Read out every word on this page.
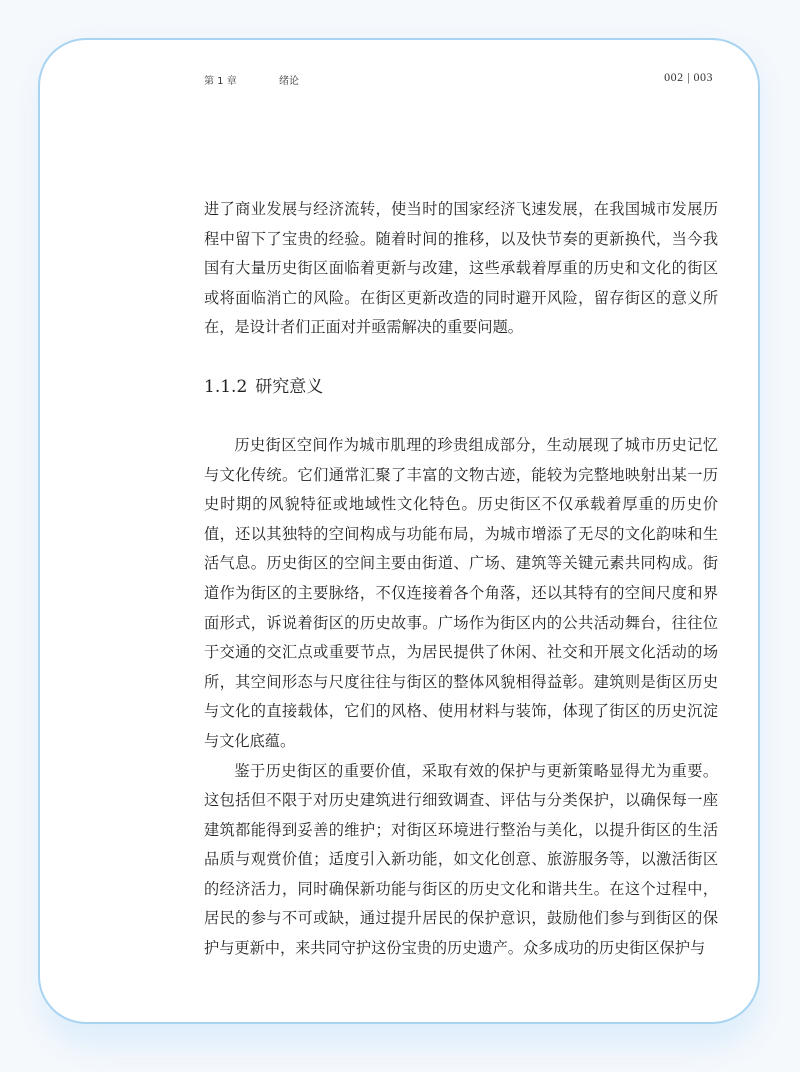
第 1 章	绪论	002 | 003

进了商业发展与经济流转，使当时的国家经济飞速发展，在我国城市发展历程中留下了宝贵的经验。随着时间的推移，以及快节奏的更新换代，当今我国有大量历史街区面临着更新与改建，这些承载着厚重的历史和文化的街区或将面临消亡的风险。在街区更新改造的同时避开风险，留存街区的意义所在，是设计者们正面对并亟需解决的重要问题。

1.1.2 研究意义

历史街区空间作为城市肌理的珍贵组成部分，生动展现了城市历史记忆与文化传统。它们通常汇聚了丰富的文物古迹，能较为完整地映射出某一历史时期的风貌特征或地域性文化特色。历史街区不仅承载着厚重的历史价值，还以其独特的空间构成与功能布局，为城市增添了无尽的文化韵味和生活气息。历史街区的空间主要由街道、广场、建筑等关键元素共同构成。街道作为街区的主要脉络，不仅连接着各个角落，还以其特有的空间尺度和界面形式，诉说着街区的历史故事。广场作为街区内的公共活动舞台，往往位于交通的交汇点或重要节点，为居民提供了休闲、社交和开展文化活动的场所，其空间形态与尺度往往与街区的整体风貌相得益彰。建筑则是街区历史与文化的直接载体，它们的风格、使用材料与装饰，体现了街区的历史沉淀与文化底蕴。

鉴于历史街区的重要价值，采取有效的保护与更新策略显得尤为重要。这包括但不限于对历史建筑进行细致调查、评估与分类保护，以确保每一座建筑都能得到妥善的维护；对街区环境进行整治与美化，以提升街区的生活品质与观赏价值；适度引入新功能，如文化创意、旅游服务等，以激活街区的经济活力，同时确保新功能与街区的历史文化和谐共生。在这个过程中，居民的参与不可或缺，通过提升居民的保护意识，鼓励他们参与到街区的保护与更新中，来共同守护这份宝贵的历史遗产。众多成功的历史街区保护与
